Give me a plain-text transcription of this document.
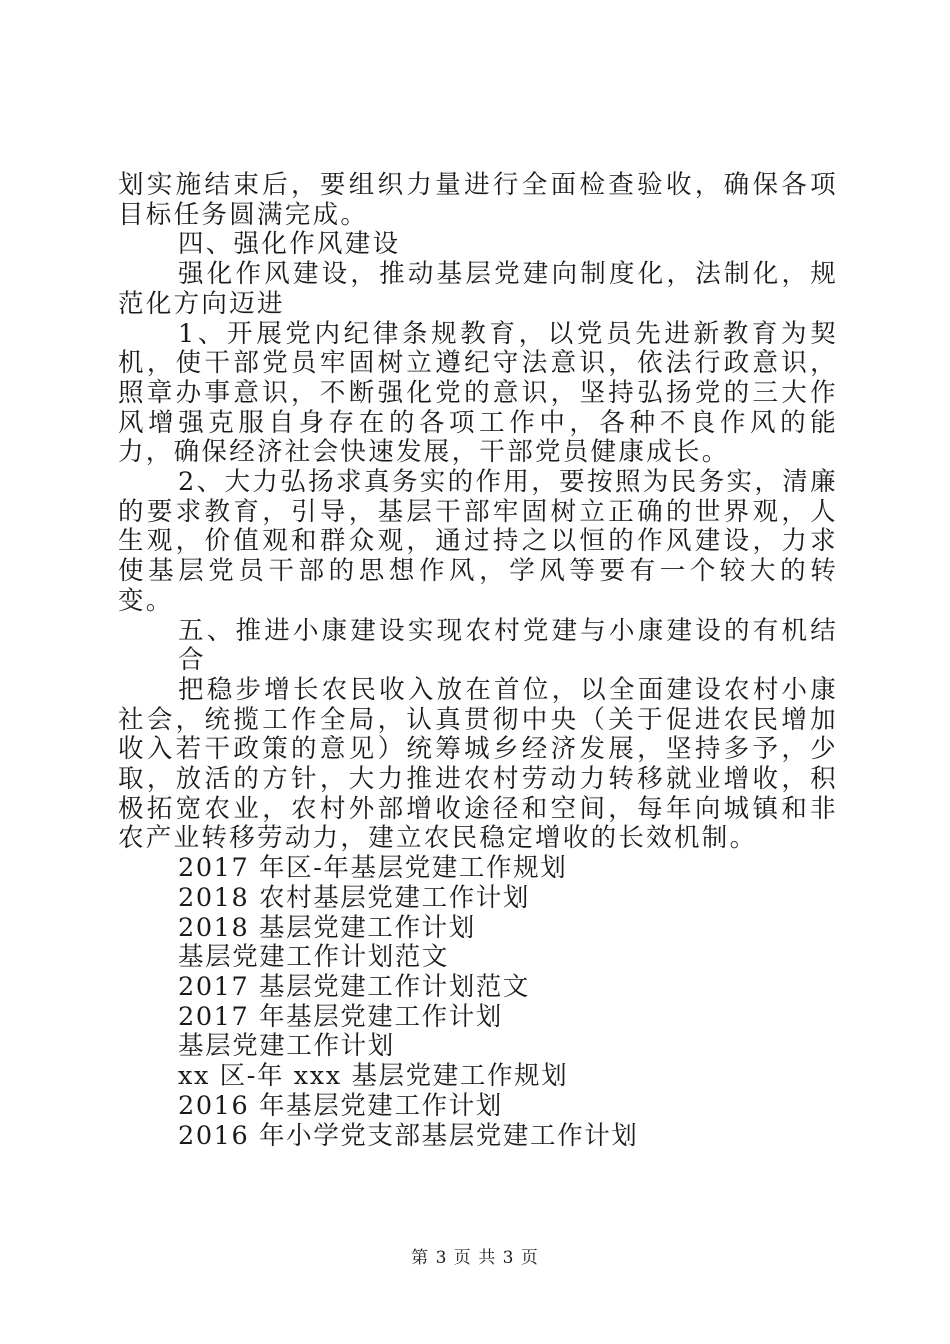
划实施结束后，要组织力量进行全面检查验收，确保各项目标任务圆满完成。

四、强化作风建设

强化作风建设，推动基层党建向制度化，法制化，规范化方向迈进

1、开展党内纪律条规教育，以党员先进新教育为契机，使干部党员牢固树立遵纪守法意识，依法行政意识，照章办事意识，不断强化党的意识，坚持弘扬党的三大作风增强克服自身存在的各项工作中，各种不良作风的能力，确保经济社会快速发展，干部党员健康成长。

2、大力弘扬求真务实的作用，要按照为民务实，清廉的要求教育，引导，基层干部牢固树立正确的世界观，人生观，价值观和群众观，通过持之以恒的作风建设，力求使基层党员干部的思想作风，学风等要有一个较大的转变。

五、推进小康建设实现农村党建与小康建设的有机结合

把稳步增长农民收入放在首位，以全面建设农村小康社会，统揽工作全局，认真贯彻中央（关于促进农民增加收入若干政策的意见）统筹城乡经济发展，坚持多予，少取，放活的方针，大力推进农村劳动力转移就业增收，积极拓宽农业，农村外部增收途径和空间，每年向城镇和非农产业转移劳动力，建立农民稳定增收的长效机制。

2017 年区-年基层党建工作规划

2018 农村基层党建工作计划

2018 基层党建工作计划

基层党建工作计划范文

2017 基层党建工作计划范文

2017 年基层党建工作计划

基层党建工作计划

xx 区-年 xxx 基层党建工作规划

2016 年基层党建工作计划

2016 年小学党支部基层党建工作计划

第 3 页 共 3 页
